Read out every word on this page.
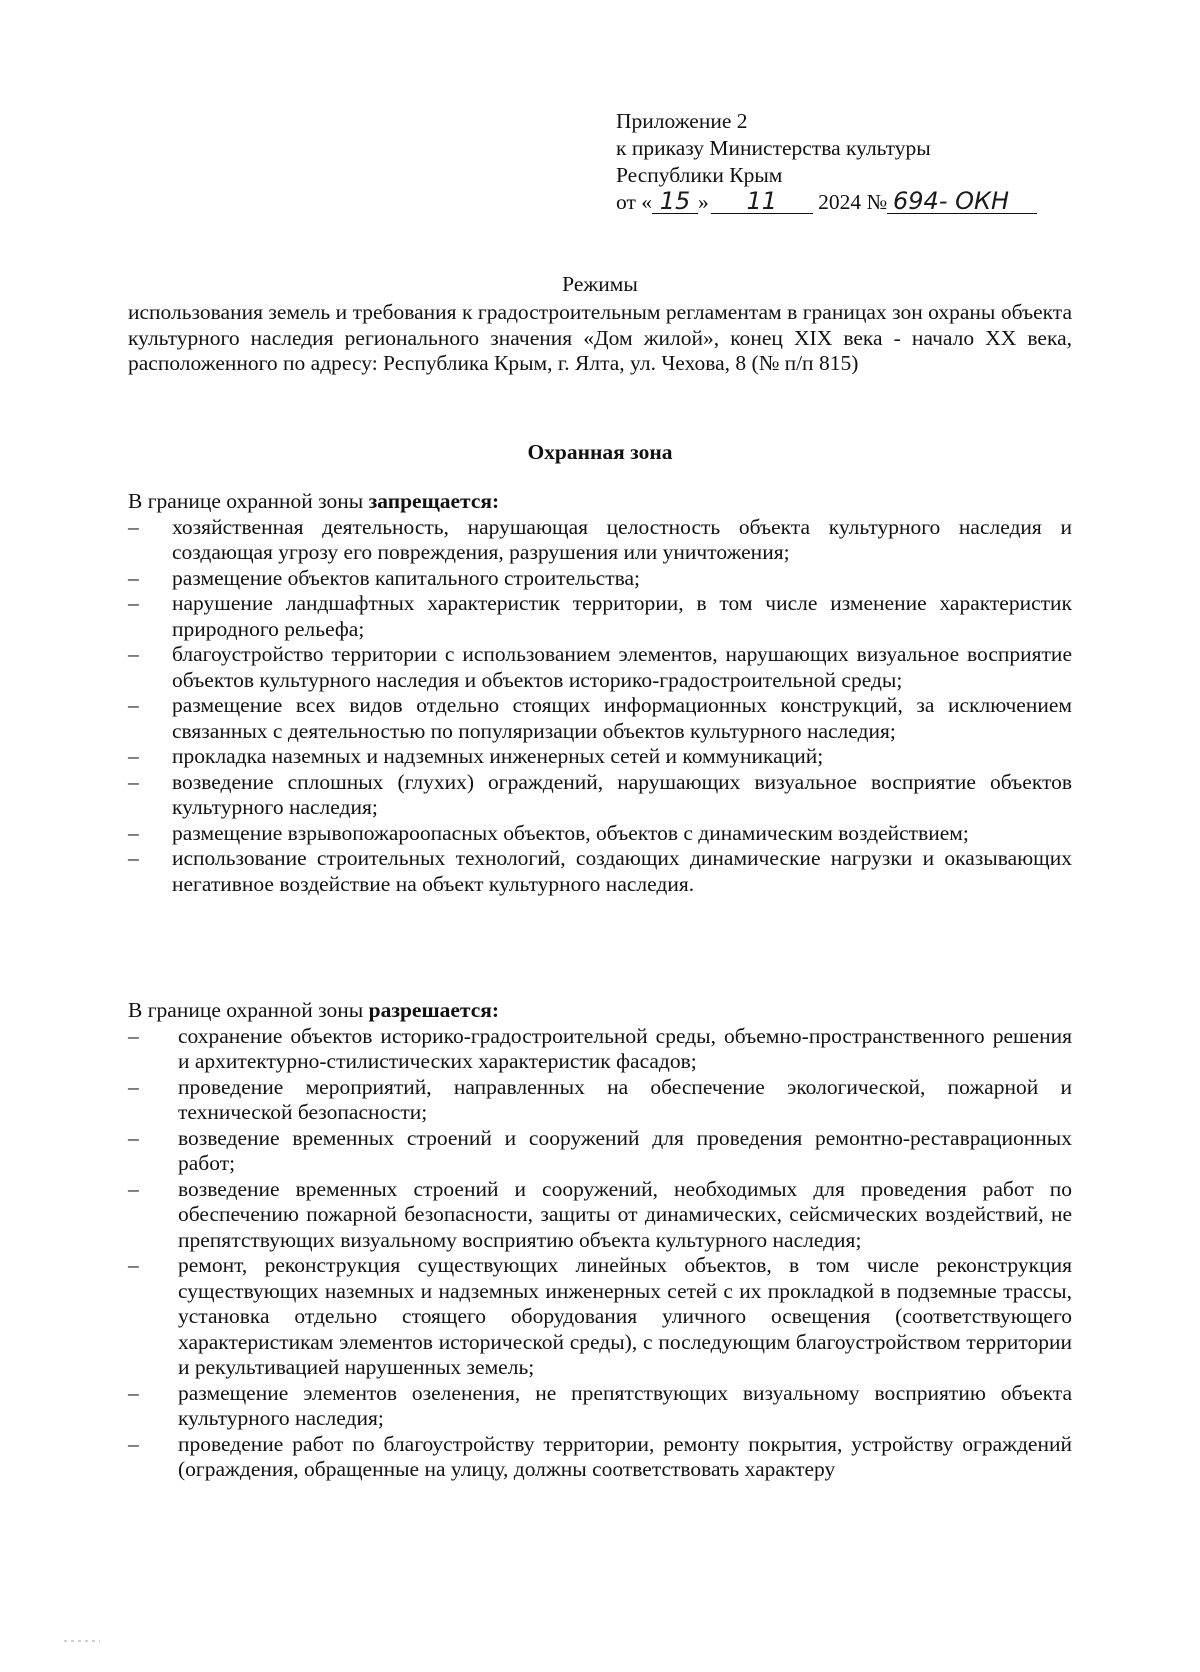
Приложение 2
к приказу Министерства культуры
Республики Крым
от « 15 » 11 2024 № 694- ОКН
Режимы
использования земель и требования к градостроительным регламентам в границах зон охраны объекта культурного наследия регионального значения «Дом жилой», конец XIX века - начало XX века, расположенного по адресу: Республика Крым, г. Ялта, ул. Чехова, 8 (№ п/п 815)
Охранная зона

В границе охранной зоны запрещается:

– хозяйственная деятельность, нарушающая целостность объекта культурного наследия и создающая угрозу его повреждения, разрушения или уничтожения;
– размещение объектов капитального строительства;
– нарушение ландшафтных характеристик территории, в том числе изменение характеристик природного рельефа;
– благоустройство территории с использованием элементов, нарушающих визуальное восприятие объектов культурного наследия и объектов историко-градостроительной среды;
– размещение всех видов отдельно стоящих информационных конструкций, за исключением связанных с деятельностью по популяризации объектов культурного наследия;
– прокладка наземных и надземных инженерных сетей и коммуникаций;
– возведение сплошных (глухих) ограждений, нарушающих визуальное восприятие объектов культурного наследия;
– размещение взрывопожароопасных объектов, объектов с динамическим воздействием;
– использование строительных технологий, создающих динамические нагрузки и оказывающих негативное воздействие на объект культурного наследия.

В границе охранной зоны разрешается:

– сохранение объектов историко-градостроительной среды, объемно-пространственного решения и архитектурно-стилистических характеристик фасадов;
– проведение мероприятий, направленных на обеспечение экологической, пожарной и технической безопасности;
– возведение временных строений и сооружений для проведения ремонтно-реставрационных работ;
– возведение временных строений и сооружений, необходимых для проведения работ по обеспечению пожарной безопасности, защиты от динамических, сейсмических воздействий, не препятствующих визуальному восприятию объекта культурного наследия;
– ремонт, реконструкция существующих линейных объектов, в том числе реконструкция существующих наземных и надземных инженерных сетей с их прокладкой в подземные трассы, установка отдельно стоящего оборудования уличного освещения (соответствующего характеристикам элементов исторической среды), с последующим благоустройством территории и рекультивацией нарушенных земель;
– размещение элементов озеленения, не препятствующих визуальному восприятию объекта культурного наследия;
– проведение работ по благоустройству территории, ремонту покрытия, устройству ограждений (ограждения, обращенные на улицу, должны соответствовать характеру
